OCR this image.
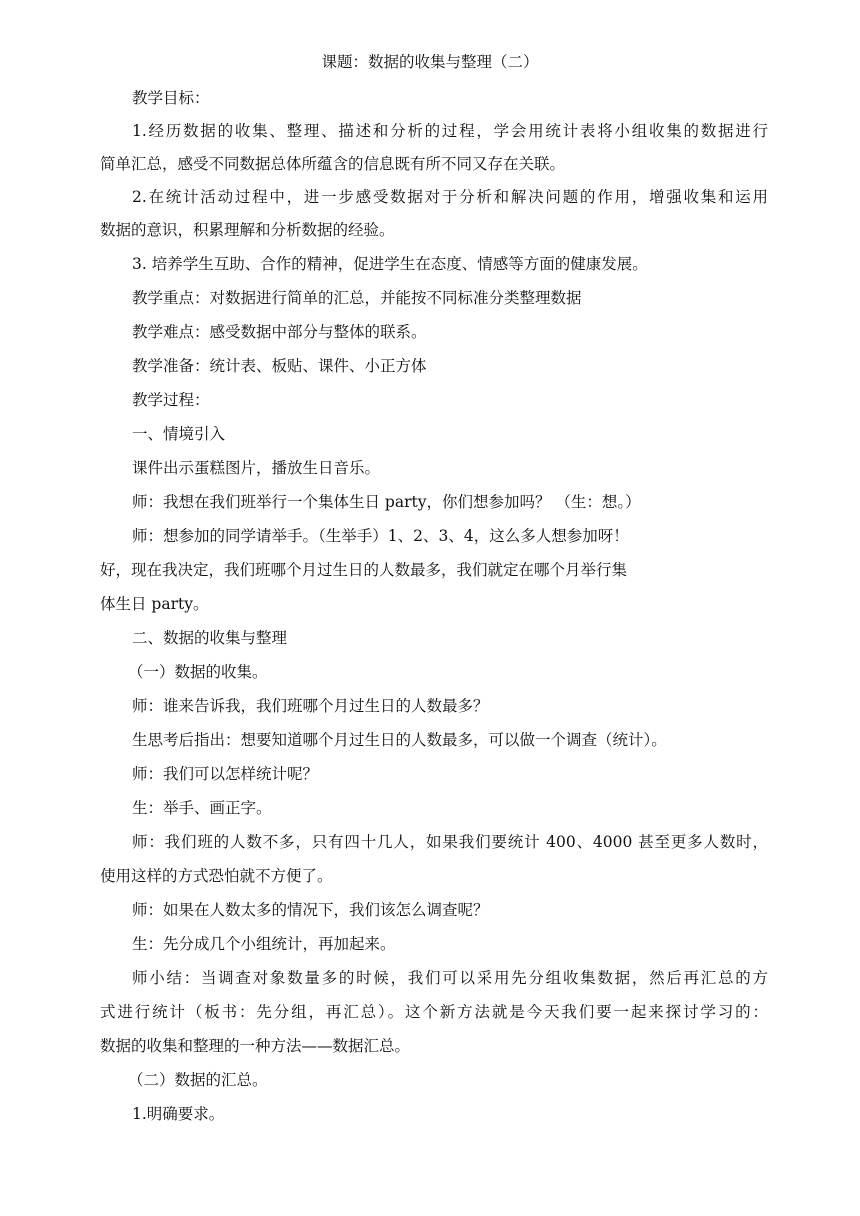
课题：数据的收集与整理（二）
教学目标：
1.经历数据的收集、整理、描述和分析的过程，学会用统计表将小组收集的数据进行
简单汇总，感受不同数据总体所蕴含的信息既有所不同又存在关联。
2.在统计活动过程中，进一步感受数据对于分析和解决问题的作用，增强收集和运用
数据的意识，积累理解和分析数据的经验。
3. 培养学生互助、合作的精神，促进学生在态度、情感等方面的健康发展。
教学重点：对数据进行简单的汇总，并能按不同标准分类整理数据
教学难点：感受数据中部分与整体的联系。
教学准备：统计表、板贴、课件、小正方体
教学过程：
一、情境引入
课件出示蛋糕图片，播放生日音乐。
师：我想在我们班举行一个集体生日 party，你们想参加吗？ （生：想。）
师：想参加的同学请举手。（生举手）1、2、3、4，这么多人想参加呀！
好，现在我决定，我们班哪个月过生日的人数最多，我们就定在哪个月举行集
体生日 party。
二、数据的收集与整理
（一）数据的收集。
师：谁来告诉我，我们班哪个月过生日的人数最多？
生思考后指出：想要知道哪个月过生日的人数最多，可以做一个调查（统计）。
师：我们可以怎样统计呢？
生：举手、画正字。
师：我们班的人数不多，只有四十几人，如果我们要统计 400、4000 甚至更多人数时，
使用这样的方式恐怕就不方便了。
师：如果在人数太多的情况下，我们该怎么调查呢？
生：先分成几个小组统计，再加起来。
师小结：当调查对象数量多的时候，我们可以采用先分组收集数据，然后再汇总的方
式进行统计（板书：先分组，再汇总）。这个新方法就是今天我们要一起来探讨学习的：
数据的收集和整理的一种方法——数据汇总。
（二）数据的汇总。
1.明确要求。
